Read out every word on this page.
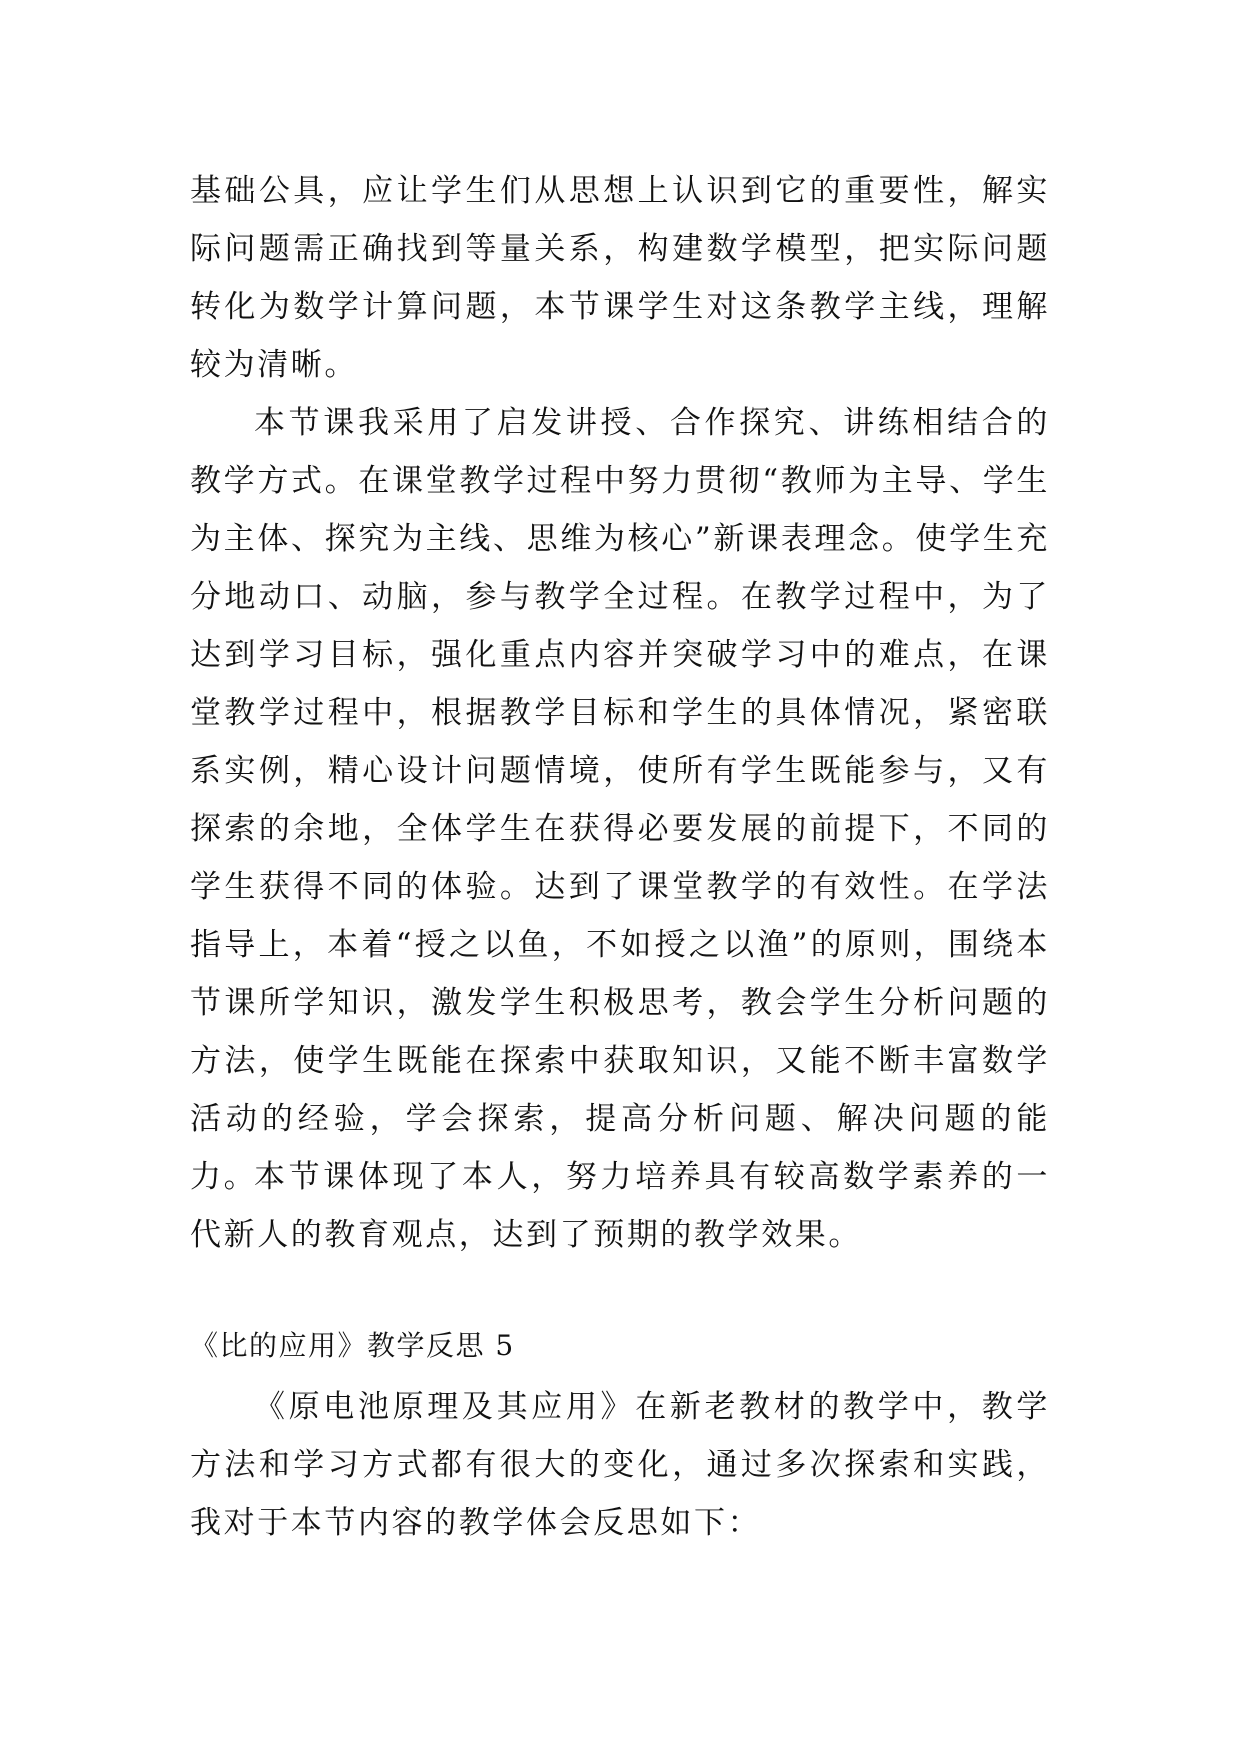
基础公具，应让学生们从思想上认识到它的重要性，解实际问题需正确找到等量关系，构建数学模型，把实际问题转化为数学计算问题，本节课学生对这条教学主线，理解较为清晰。

本节课我采用了启发讲授、合作探究、讲练相结合的教学方式。在课堂教学过程中努力贯彻“教师为主导、学生为主体、探究为主线、思维为核心”新课表理念。使学生充分地动口、动脑，参与教学全过程。在教学过程中，为了达到学习目标，强化重点内容并突破学习中的难点，在课堂教学过程中，根据教学目标和学生的具体情况，紧密联系实例，精心设计问题情境，使所有学生既能参与，又有探索的余地，全体学生在获得必要发展的前提下，不同的学生获得不同的体验。达到了课堂教学的有效性。在学法指导上，本着“授之以鱼，不如授之以渔”的原则，围绕本节课所学知识，激发学生积极思考，教会学生分析问题的方法，使学生既能在探索中获取知识，又能不断丰富数学活动的经验，学会探索，提高分析问题、解决问题的能力。

本节课体现了本人，努力培养具有较高数学素养的一代新人的教育观点，达到了预期的教学效果。

《比的应用》教学反思 5

《原电池原理及其应用》在新老教材的教学中，教学方法和学习方式都有很大的变化，通过多次探索和实践，我对于本节内容的教学体会反思如下：
